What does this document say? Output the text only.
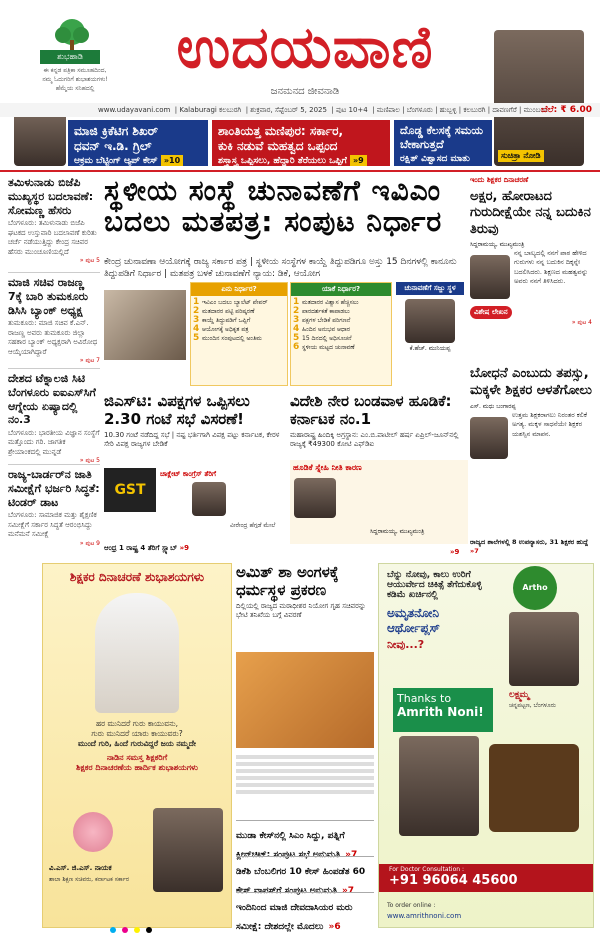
ಶುಭಹಾಡಿ
ಈ ಕನ್ನಡ ಪತ್ರಿಕಾ ಸಮೂಹದಿಂದ,
ನಮ್ಮ ಓದುಗರಿಗೆ ಶುಭಾಶಯಗಳು!
ಹೆಮ್ಮೆಯ ಸನಿಹದಲ್ಲಿ
ಉದಯವಾಣಿ
ಜನಮನದ ಜೀವನಾಡಿ
www.udayavani.com  | Kalaburagi ಕಲಬುರಗಿ  | ಶುಕ್ರವಾರ, ಸೆಪ್ಟೆಂಬರ್ 5, 2025  | ಪುಟ 10+4  | ಮಣಿಪಾಲ | ಬೆಂಗಳೂರು | ಹುಬ್ಬಳ್ಳಿ | ಕಲಬುರಗಿ | ದಾವಣಗೆರೆ | ಮುಂಬಯಿ
ಬೆಲೆ: ₹ 6.00
ಮಾಜಿ ಕ್ರಿಕೆಟಿಗ ಶಿಖರ್
ಧವನ್ ಇ.ಡಿ. ಗ್ರಿಲ್
ಆಕ್ರಮ ಬೆಟ್ಟಿಂಗ್ ಆ್ಯಪ್ ಕೇಸ್ »10
ಶಾಂತಿಯತ್ತ ಮಣಿಪುರ: ಸರ್ಕಾರ,
ಕುಕಿ ನಡುವೆ ಮಹತ್ವದ ಒಪ್ಪಂದ
ಶಸ್ತ್ರಾಸ್ತ್ರ ಒಪ್ಪಿಸಲು, ಹೆದ್ದಾರಿ ತೆರೆಯಲು ಒಪ್ಪಿಗೆ »9
ದೊಡ್ಡ ಕೆಲಸಕ್ಕೆ ಸಮಯ
ಬೇಕಾಗುತ್ತದೆ
ರಕ್ಷಿತ್ ವಿಶ್ವಾಸದ ಮಾತು	ಸುಚಿತ್ರಾ ನೋಡಿ
ತಮಿಳುನಾಡು ಬಿಜೆಪಿ ಮುಖ್ಯಸ್ಥರ ಬದಲಾವಣೆ: ಸೋಮಣ್ಣ ಹೆಸರು
ಬೆಂಗಳೂರು: ತಮಿಳುನಾಡು ಬಿಜೆಪಿ ಘಟಕದ ಉಸ್ತುವಾರಿ ಬದಲಾವಣೆ ಕುರಿತು ಚರ್ಚೆ ನಡೆಯುತ್ತಿದ್ದು ಕೇಂದ್ರ ಸಚಿವರ ಹೆಸರು ಮುಂಚೂಣಿಯಲ್ಲಿದೆ
» ಪುಟ 5
ಮಾಜಿ ಸಚಿವ ರಾಜಣ್ಣ 7ಕ್ಕೆ ಬಾರಿ ತುಮಕೂರು ಡಿಸಿಸಿ ಬ್ಯಾಂಕ್ ಅಧ್ಯಕ್ಷ
ತುಮಕೂರು: ಮಾಜಿ ಸಚಿವ ಕೆ.ಎನ್. ರಾಜಣ್ಣ ಅವರು ತುಮಕೂರು ಜಿಲ್ಲಾ ಸಹಕಾರ ಬ್ಯಾಂಕ್ ಅಧ್ಯಕ್ಷರಾಗಿ ಅವಿರೋಧ ಆಯ್ಕೆಯಾಗಿದ್ದಾರೆ
» ಪುಟ 7
ದೇಶದ ಟೆಕ್ನಾಲಜಿ ಸಿಟಿ ಬೆಂಗಳೂರು ಐಐಎಸ್‌ಸಿಗೆ ಆಗ್ನೇಯ ಏಷ್ಯಾದಲ್ಲಿ ನಂ.3
ಬೆಂಗಳೂರು: ಭಾರತೀಯ ವಿಜ್ಞಾನ ಸಂಸ್ಥೆಗೆ ಮತ್ತೊಂದು ಗರಿ. ಜಾಗತಿಕ ಶ್ರೇಯಾಂಕದಲ್ಲಿ ಮುನ್ನಡೆ
» ಪುಟ 5
ರಾಜ್ಯ-ಬಾರ್ಡರ್‌ನ ಜಾತಿ ಸಮೀಕ್ಷೆಗೆ ಭರ್ಜರಿ ಸಿದ್ಧತೆ: ಟಿಂಡರ್ ಡಾಟ
ಬೆಂಗಳೂರು: ಸಾಮಾಜಿಕ ಮತ್ತು ಶೈಕ್ಷಣಿಕ ಸಮೀಕ್ಷೆಗೆ ಸರ್ಕಾರ ಸಿದ್ಧತೆ ಆರಂಭಿಸಿದ್ದು ಮನೆಮನೆ ಸಮೀಕ್ಷೆ
» ಪುಟ 9
ಸ್ಥಳೀಯ ಸಂಸ್ಥೆ ಚುನಾವಣೆಗೆ ಇವಿಎಂ
ಬದಲು ಮತಪತ್ರ: ಸಂಪುಟ ನಿರ್ಧಾರ
ಕೇಂದ್ರ ಚುನಾವಣಾ ಆಯೋಗಕ್ಕೆ ರಾಜ್ಯ ಸರ್ಕಾರ ಪತ್ರ | ಸ್ಥಳೀಯ ಸಂಸ್ಥೆಗಳ ಕಾಯ್ದೆ ತಿದ್ದುಪಡಿಗೂ ಅಸ್ತು 15 ದಿನಗಳಲ್ಲಿ ಕಾನೂನು ತಿದ್ದುಪಡಿಗೆ ನಿರ್ಧಾರ | ಮತಪತ್ರ ಬಳಕೆ ಚುನಾವಣೆಗೆ ನ್ಯಾಯ: ಡಿಕೆ, ಆಯೋಗ
ಏನು ನಿರ್ಧಾರ?
1 ಇವಿಎಂ ಬದಲು ಬ್ಯಾಲೆಟ್ ಪೇಪರ್
2 ಮತದಾರರ ಪಟ್ಟಿ ಪರಿಷ್ಕರಣೆ
3 ಕಾಯ್ದೆ ತಿದ್ದುಪಡಿಗೆ ಒಪ್ಪಿಗೆ
4 ಆಯೋಗಕ್ಕೆ ಅಧಿಕೃತ ಪತ್ರ
5 ಮುಂದಿನ ಸಂಪುಟದಲ್ಲಿ ಅಂತಿಮ
ಯಾಕೆ ನಿರ್ಧಾರ?
1 ಮತದಾರರ ವಿಶ್ವಾಸ ಹೆಚ್ಚಿಸಲು
2 ಪಾರದರ್ಶಕತೆ ಕಾಪಾಡಲು
3 ಪಕ್ಷಗಳ ಬೇಡಿಕೆ ಪರಿಗಣನೆ
4 ಹಿಂದಿನ ಅನುಭವ ಆಧಾರ
5 15 ದಿನದಲ್ಲಿ ಅಧಿಸೂಚನೆ
6 ಸ್ಥಳೀಯ ಮಟ್ಟದ ಚುನಾವಣೆ
ಚುನಾವಣೆಗೆ ಸಜ್ಜು ಸ್ಥಳ
ಕೆ.ಹೆಚ್. ಮುನಿಯಪ್ಪ
ಜಿಎಸ್‌ಟಿ: ವಿಪಕ್ಷಗಳ ಒಪ್ಪಿಸಲು 2.30 ಗಂಟೆ ಸಭೆ ವಿಸರಣೆ!
10.30 ಗಂಟೆ ನಡೆದಿದ್ದ ಸಭೆ | ನಷ್ಟ ಭರ್ತಿಗಾಗಿ ವಿಪಕ್ಷ ಪಟ್ಟು ಕರ್ನಾಟಕ, ಕೇರಳ ಸೇರಿ ವಿಪಕ್ಷ ರಾಜ್ಯಗಳ ಬೇಡಿಕೆ
GST
ಚಾಕ್ಲೇಟ್ ಕಾಂಗ್ರೆಸ್ ತೆರಿಗೆ
ವೀರೇಂದ್ರ ಹೆಗ್ಗಡೆ ಮೇಲೆ
ಆಂಧ್ರ 1 ರಾಷ್ಟ್ರ 4 ತೆರಿಗೆ ಸ್ಲ್ಯಾಬ್ »9
ವಿದೇಶಿ ನೇರ ಬಂಡವಾಳ ಹೂಡಿಕೆ: ಕರ್ನಾಟಕ ನಂ.1
ಮಹಾರಾಷ್ಟ್ರ ಹಿಂದಿಕ್ಕಿ ಅಗ್ರಸ್ಥಾನ: ಎಂ.ಬಿ.ಪಾಟೀಲ್ ಹರ್ಷ ಏಪ್ರಿಲ್-ಜೂನ್‌ನಲ್ಲಿ ರಾಜ್ಯಕ್ಕೆ ₹49300 ಕೋಟಿ ಎಫ್‌ಡಿಐ
ಹೂಡಿಕೆ ಸ್ನೇಹಿ ನೀತಿ ಕಾರಣ
ಸಿದ್ದರಾಮಯ್ಯ, ಮುಖ್ಯಮಂತ್ರಿ
»9
ಇಂದು ಶಿಕ್ಷಕರ ದಿನಾಚರಣೆ
ಅಕ್ಷರ, ಹೋರಾಟದ ಗುರುದೀಕ್ಷೆಯೇ ನನ್ನ ಬದುಕಿನ ತಿರುವು
ಸಿದ್ದರಾಮಯ್ಯ, ಮುಖ್ಯಮಂತ್ರಿ
ನನ್ನ ಬಾಲ್ಯದಲ್ಲಿ ನನಗೆ ಪಾಠ ಹೇಳಿದ ಗುರುಗಳು ನನ್ನ ಬದುಕಿನ ದಿಕ್ಕನ್ನೇ ಬದಲಿಸಿದರು. ಶಿಕ್ಷಣದ ಮಹತ್ವವನ್ನು ಅವರು ನನಗೆ ತಿಳಿಸಿದರು.
ವಿಶೇಷ ಲೇಖನ
» ಪುಟ 4
ಬೋಧನೆ ಎಂಬುದು ತಪಸ್ಸು, ಮಕ್ಕಳೇ ಶಿಕ್ಷಕರ ಆಳತೆಗೋಲು
ಎಸ್. ಮಧು ಬಂಗಾರಪ್ಪ
ಉತ್ತಮ ಶಿಕ್ಷಕರಾಗಲು ನಿರಂತರ ಕಲಿಕೆ ಅಗತ್ಯ. ಮಕ್ಕಳ ಸಾಧನೆಯೇ ಶಿಕ್ಷಕರ ಯಶಸ್ಸಿನ ಮಾಪನ.
ರಾಜ್ಯದ ಶಾಲೆಗಳಲ್ಲಿ 8 ಉಪನ್ಯಾಸರು, 31 ಶಿಕ್ಷಕರ ಹುದ್ದೆ »7
ಶಿಕ್ಷಕರ ದಿನಾಚರಣೆ ಶುಭಾಶಯಗಳು
ಹರ ಮುನಿದರೆ ಗುರು ಕಾಯುವನು,
ಗುರು ಮುನಿದರೆ ಯಾರು ಕಾಯುವರು?
ಮುಂದೆ ಗುರಿ, ಹಿಂದೆ ಗುರುವಿದ್ದರೆ ಜಯ ನಮ್ಮದೇ
ನಾಡಿನ ಸಮಸ್ತ ಶಿಕ್ಷಕರಿಗೆ
ಶಿಕ್ಷಕರ ದಿನಾಚರಣೆಯ ಹಾರ್ದಿಕ ಶುಭಾಶಯಗಳು
ವಿ.ಎಸ್. ಜಿ.ಎಸ್. ನಾಯಕ
ಶಾಲಾ ಶಿಕ್ಷಣ ಸಚಿವರು, ಕರ್ನಾಟಕ ಸರ್ಕಾರ
ಅಮಿತ್ ಶಾ ಅಂಗಳಕ್ಕೆ ಧರ್ಮಸ್ಥಳ ಪ್ರಕರಣ
ದಿಲ್ಲಿಯಲ್ಲಿ ರಾಜ್ಯದ ಮಠಾಧೀಶರ ನಿಯೋಗ ಗೃಹ ಸಚಿವರನ್ನು ಭೇಟಿ ತನಿಖೆಯ ಬಗ್ಗೆ ವಿವರಣೆ
ಮುಡಾ ಕೇಸ್‌ನಲ್ಲಿ ಸಿಎಂ ಸಿದ್ದು, ಪತ್ನಿಗೆ ಕ್ಲೀನ್‌ಚಿಟ್: ಸಂಪುಟ ಸಭೆ ಅನುಮತಿ »7
ಡಿಕೆಶಿ ಬೆಂಬಲಿಗರ 10 ಕೇಸ್ ಹಿಂಪಡೆತ 60 ಕೇಸ್ ವಾಪಸ್‌ಗೆ ಸಂಪುಟ ಅನುಮತಿ »7
ಇಂದಿನಿಂದ ಮಾಜಿ ದೇವದಾಸಿಯರ ಮರು ಸಮೀಕ್ಷೆ: ದೇಶದಲ್ಲೇ ಮೊದಲು »6
ಬೆನ್ನು ನೋವು, ಕಾಲು ಉರಿಗೆ
ಆಯುರ್ವೇದ ಚಿಕಿತ್ಸೆ ತೆಗೆದುಕೊಳ್ಳಿ
ಕಡಿಮೆ ಖರ್ಚಿನಲ್ಲಿ
ಅಮೃತನೋನಿ ಆರ್ಥೋಪ್ಲಸ್
ನೀವು...?
Artho
ಲಕ್ಷ್ಮಮ್ಮ
ಚನ್ನಪಟ್ಟಣ, ಬೆಂಗಳೂರು
Thanks to
Amrith Noni!
For Doctor Consultation :
+91 96064 45600
To order online :
www.amrithnoni.com
